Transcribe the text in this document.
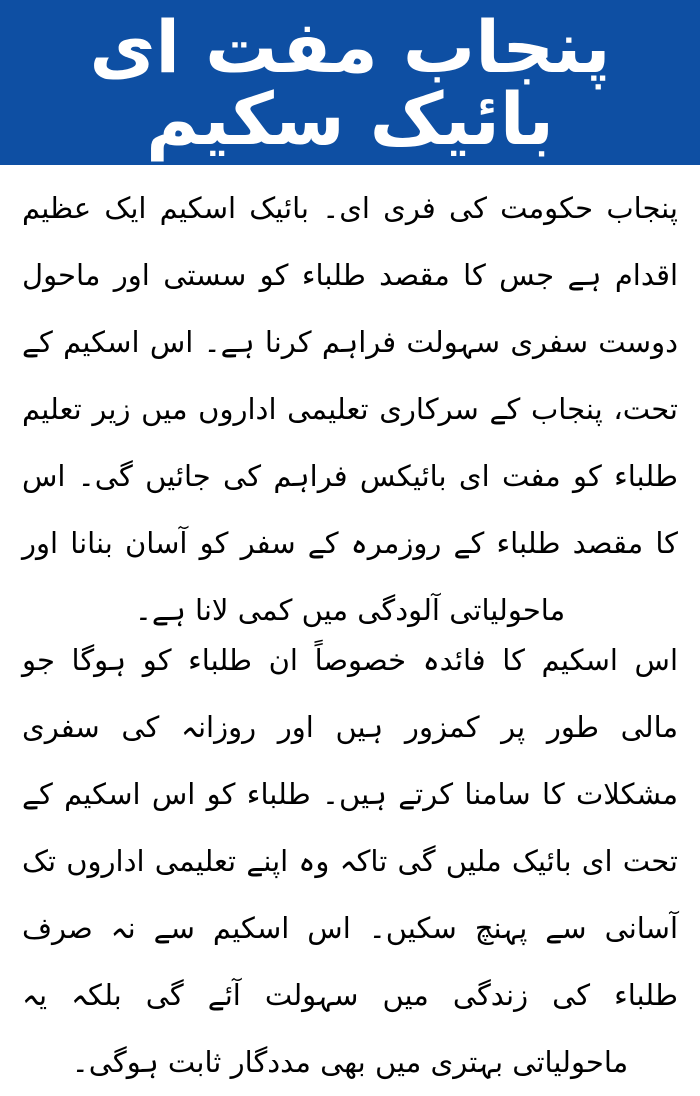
پنجاب مفت ای بائیک سکیم

پنجاب حکومت کی فری ای۔ بائیک اسکیم ایک عظیم اقدام ہے جس کا مقصد طلباء کو سستی اور ماحول دوست سفری سہولت فراہم کرنا ہے۔ اس اسکیم کے تحت، پنجاب کے سرکاری تعلیمی اداروں میں زیر تعلیم طلباء کو مفت ای بائیکس فراہم کی جائیں گی۔ اس کا مقصد طلباء کے روزمرہ کے سفر کو آسان بنانا اور ماحولیاتی آلودگی میں کمی لانا ہے۔

اس اسکیم کا فائدہ خصوصاً ان طلباء کو ہوگا جو مالی طور پر کمزور ہیں اور روزانہ کی سفری مشکلات کا سامنا کرتے ہیں۔ طلباء کو اس اسکیم کے تحت ای بائیک ملیں گی تاکہ وہ اپنے تعلیمی اداروں تک آسانی سے پہنچ سکیں۔ اس اسکیم سے نہ صرف طلباء کی زندگی میں سہولت آئے گی بلکہ یہ ماحولیاتی بہتری میں بھی مددگار ثابت ہوگی۔
